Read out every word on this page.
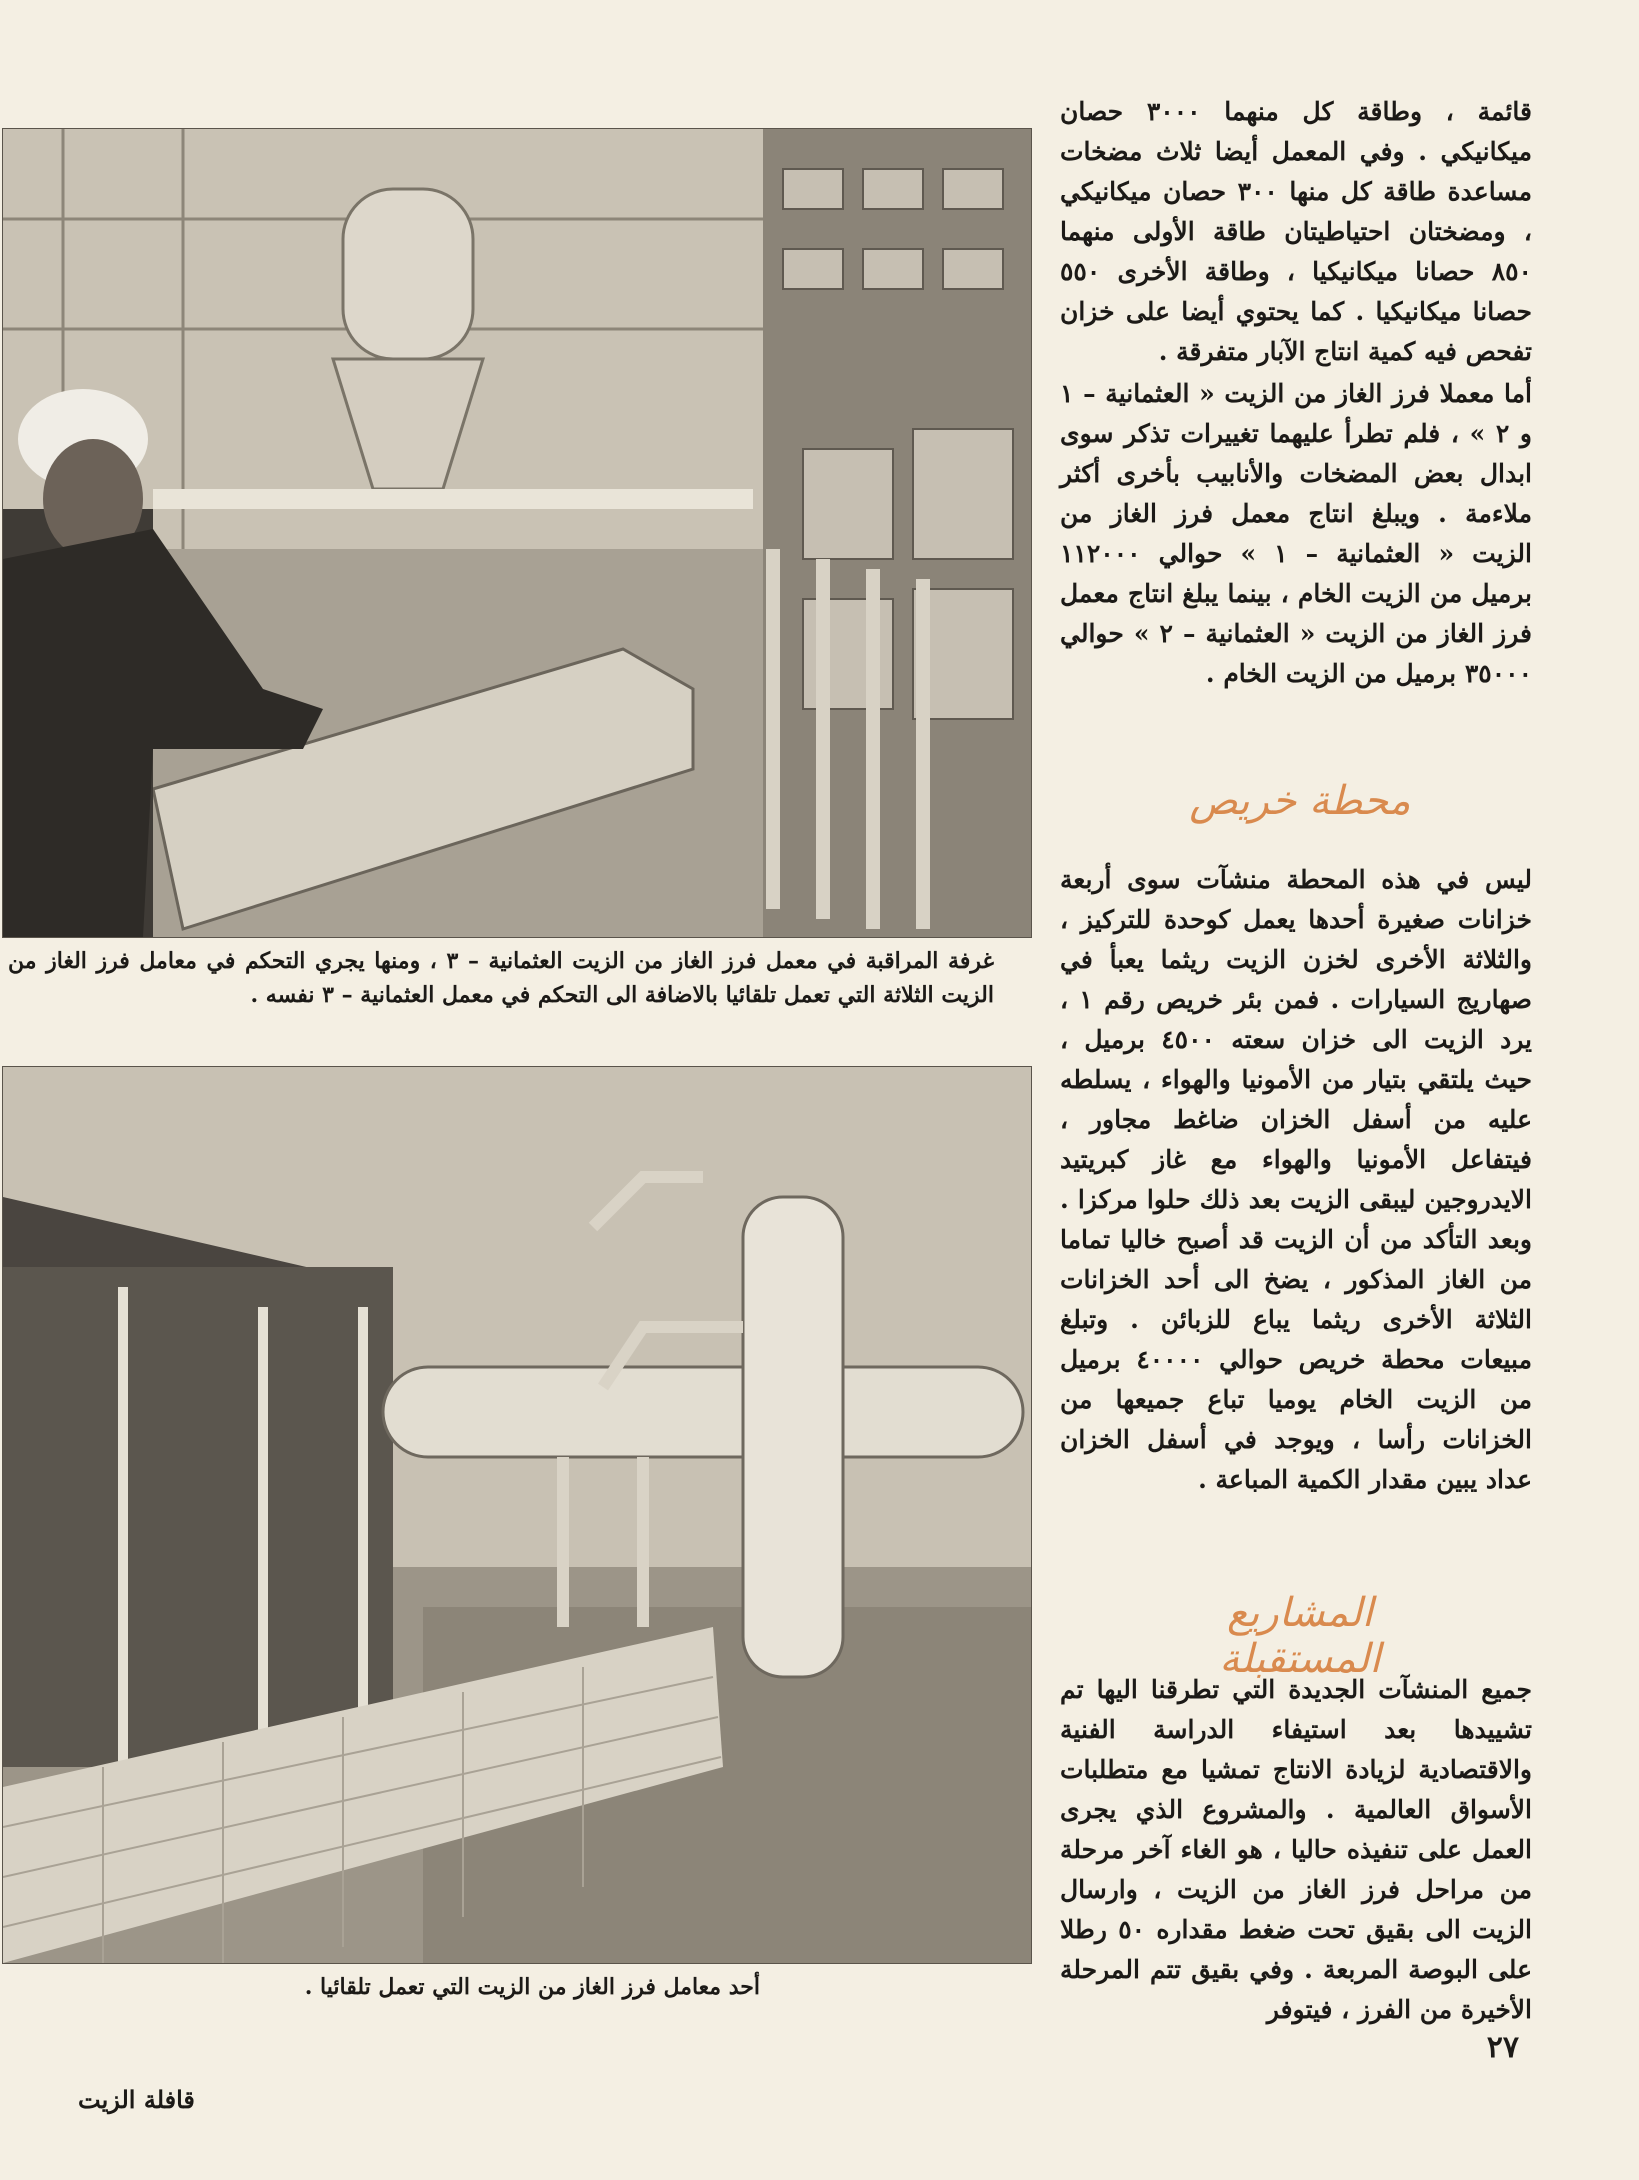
غرفة المراقبة في معمل فرز الغاز من الزيت العثمانية – ٣ ، ومنها يجري التحكم في معامل فرز الغاز من الزيت الثلاثة التي تعمل تلقائيا بالاضافة الى التحكم في معمل العثمانية – ٣ نفسه .
أحد معامل فرز الغاز من الزيت التي تعمل تلقائيا .

قائمة ، وطاقة كل منهما ٣٠٠٠ حصان ميكانيكي . وفي المعمل أيضا ثلاث مضخات مساعدة طاقة كل منها ٣٠٠ حصان ميكانيكي ، ومضختان احتياطيتان طاقة الأولى منهما ٨٥٠ حصانا ميكانيكيا ، وطاقة الأخرى ٥٥٠ حصانا ميكانيكيا . كما يحتوي أيضا على خزان تفحص فيه كمية انتاج الآبار متفرقة .

أما معملا فرز الغاز من الزيت « العثمانية – ١ و ٢ » ، فلم تطرأ عليهما تغييرات تذكر سوى ابدال بعض المضخات والأنابيب بأخرى أكثر ملاءمة . ويبلغ انتاج معمل فرز الغاز من الزيت « العثمانية – ١ » حوالي ١١٢٠٠٠ برميل من الزيت الخام ، بينما يبلغ انتاج معمل فرز الغاز من الزيت « العثمانية – ٢ » حوالي ٣٥٠٠٠ برميل من الزيت الخام .

محطة خريص

ليس في هذه المحطة منشآت سوى أربعة خزانات صغيرة أحدها يعمل كوحدة للتركيز ، والثلاثة الأخرى لخزن الزيت ريثما يعبأ في صهاريج السيارات . فمن بئر خريص رقم ١ ، يرد الزيت الى خزان سعته ٤٥٠٠ برميل ، حيث يلتقي بتيار من الأمونيا والهواء ، يسلطه عليه من أسفل الخزان ضاغط مجاور ، فيتفاعل الأمونيا والهواء مع غاز كبريتيد الايدروجين ليبقى الزيت بعد ذلك حلوا مركزا . وبعد التأكد من أن الزيت قد أصبح خاليا تماما من الغاز المذكور ، يضخ الى أحد الخزانات الثلاثة الأخرى ريثما يباع للزبائن . وتبلغ مبيعات محطة خريص حوالي ٤٠٠٠٠ برميل من الزيت الخام يوميا تباع جميعها من الخزانات رأسا ، ويوجد في أسفل الخزان عداد يبين مقدار الكمية المباعة .

المشاريع المستقبلة

جميع المنشآت الجديدة التي تطرقنا اليها تم تشييدها بعد استيفاء الدراسة الفنية والاقتصادية لزيادة الانتاج تمشيا مع متطلبات الأسواق العالمية . والمشروع الذي يجرى العمل على تنفيذه حاليا ، هو الغاء آخر مرحلة من مراحل فرز الغاز من الزيت ، وارسال الزيت الى بقيق تحت ضغط مقداره ٥٠ رطلا على البوصة المربعة . وفي بقيق تتم المرحلة الأخيرة من الفرز ، فيتوفر

٢٧
قافلة الزيت
